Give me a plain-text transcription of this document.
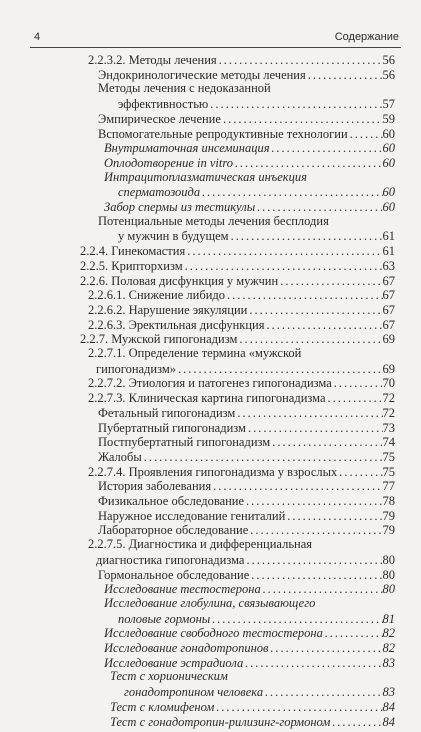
4	Содержание
2.2.3.2. Методы лечения .....	56
Эндокринологические методы лечения .....	56
Методы лечения с недоказанной
эффективностью .....	57
Эмпирическое лечение .....	59
Вспомогательные репродуктивные технологии .....	60
Внутриматочная инсеминация .....	60
Оплодотворение in vitro .....	60
Интрацитоплазматическая инъекция
сперматозоида .....	60
Забор спермы из тестикулы .....	60
Потенциальные методы лечения бесплодия
у мужчин в будущем .....	61
2.2.4. Гинекомастия .....	61
2.2.5. Крипторхизм .....	63
2.2.6. Половая дисфункция у мужчин .....	67
2.2.6.1. Снижение либидо .....	67
2.2.6.2. Нарушение эякуляции .....	67
2.2.6.3. Эректильная дисфункция .....	67
2.2.7. Мужской гипогонадизм .....	69
2.2.7.1. Определение термина «мужской
гипогонадизм» .....	69
2.2.7.2. Этиология и патогенез гипогонадизма .....	70
2.2.7.3. Клиническая картина гипогонадизма .....	72
Фетальный гипогонадизм .....	72
Пубертатный гипогонадизм .....	73
Постпубертатный гипогонадизм .....	74
Жалобы .....	75
2.2.7.4. Проявления гипогонадизма у взрослых .....	75
История заболевания .....	77
Физикальное обследование .....	78
Наружное исследование гениталий .....	79
Лабораторное обследование .....	79
2.2.7.5. Диагностика и дифференциальная
диагностика гипогонадизма .....	80
Гормональное обследование .....	80
Исследование тестостерона .....	80
Исследование глобулина, связывающего
половые гормоны .....	81
Исследование свободного тестостерона .....	82
Исследование гонадотропинов .....	82
Исследование эстрадиола .....	83
Тест с хорионическим
гонадотропином человека .....	83
Тест с кломифеном .....	84
Тест с гонадотропин-рилизинг-гормоном .....	84
